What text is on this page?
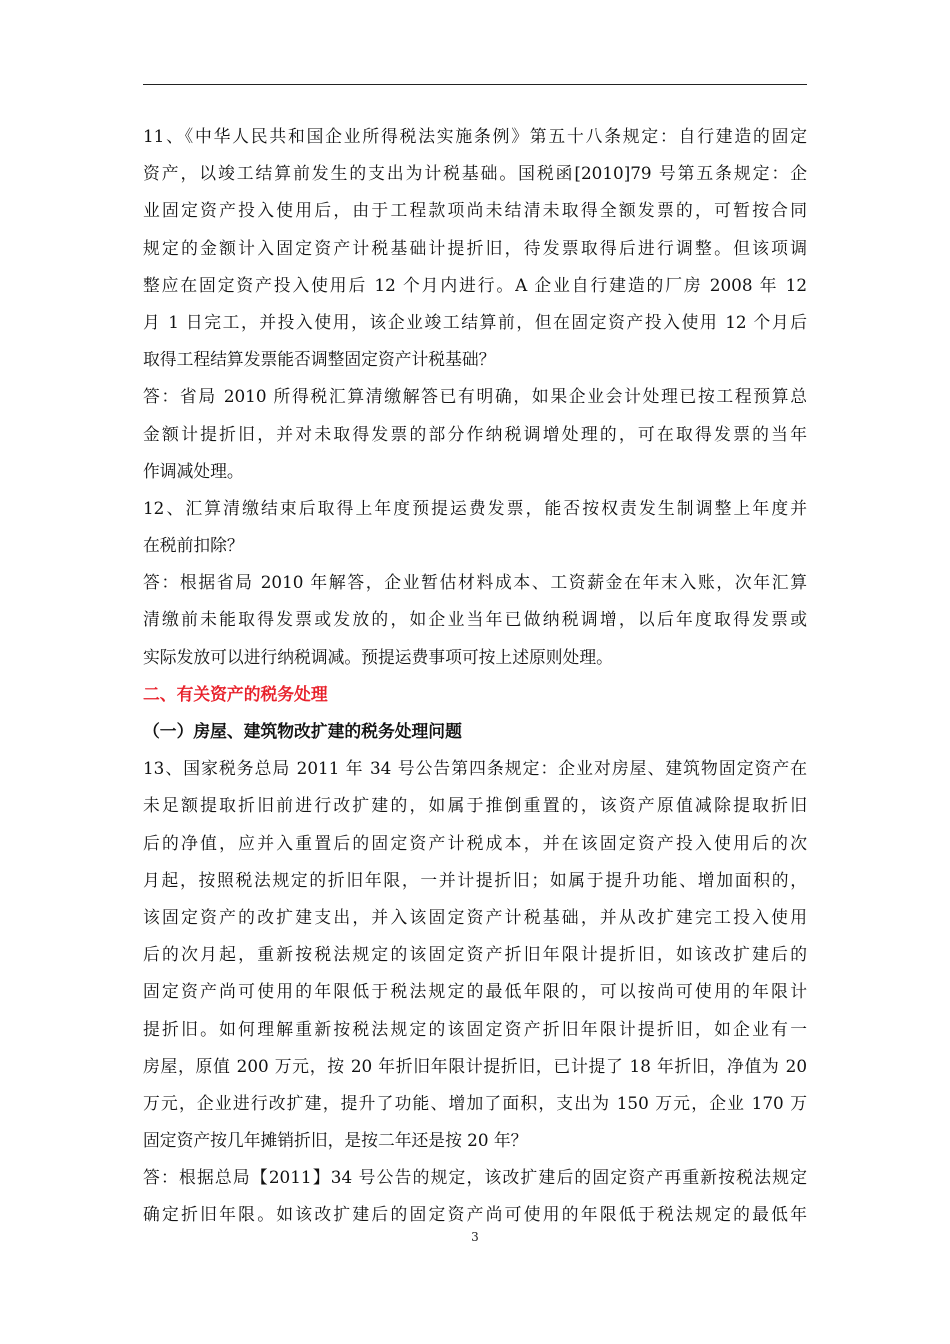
11、《中华人民共和国企业所得税法实施条例》第五十八条规定：自行建造的固定
资产，以竣工结算前发生的支出为计税基础。国税函[2010]79 号第五条规定：企
业固定资产投入使用后，由于工程款项尚未结清未取得全额发票的，可暂按合同
规定的金额计入固定资产计税基础计提折旧，待发票取得后进行调整。但该项调
整应在固定资产投入使用后 12 个月内进行。A 企业自行建造的厂房 2008 年 12
月 1 日完工，并投入使用，该企业竣工结算前，但在固定资产投入使用 12 个月后
取得工程结算发票能否调整固定资产计税基础？
答：省局 2010 所得税汇算清缴解答已有明确，如果企业会计处理已按工程预算总
金额计提折旧，并对未取得发票的部分作纳税调增处理的，可在取得发票的当年
作调减处理。
12、汇算清缴结束后取得上年度预提运费发票，能否按权责发生制调整上年度并
在税前扣除？
答：根据省局 2010 年解答，企业暂估材料成本、工资薪金在年末入账，次年汇算
清缴前未能取得发票或发放的，如企业当年已做纳税调增，以后年度取得发票或
实际发放可以进行纳税调减。预提运费事项可按上述原则处理。
二、有关资产的税务处理
（一）房屋、建筑物改扩建的税务处理问题
13、国家税务总局 2011 年 34 号公告第四条规定：企业对房屋、建筑物固定资产在
未足额提取折旧前进行改扩建的，如属于推倒重置的，该资产原值减除提取折旧
后的净值，应并入重置后的固定资产计税成本，并在该固定资产投入使用后的次
月起，按照税法规定的折旧年限，一并计提折旧；如属于提升功能、增加面积的，
该固定资产的改扩建支出，并入该固定资产计税基础，并从改扩建完工投入使用
后的次月起，重新按税法规定的该固定资产折旧年限计提折旧，如该改扩建后的
固定资产尚可使用的年限低于税法规定的最低年限的，可以按尚可使用的年限计
提折旧。如何理解重新按税法规定的该固定资产折旧年限计提折旧，如企业有一
房屋，原值 200 万元，按 20 年折旧年限计提折旧，已计提了 18 年折旧，净值为 20
万元，企业进行改扩建，提升了功能、增加了面积，支出为 150 万元，企业 170 万
固定资产按几年摊销折旧，是按二年还是按 20 年？
答：根据总局【2011】34 号公告的规定，该改扩建后的固定资产再重新按税法规定
确定折旧年限。如该改扩建后的固定资产尚可使用的年限低于税法规定的最低年
3
